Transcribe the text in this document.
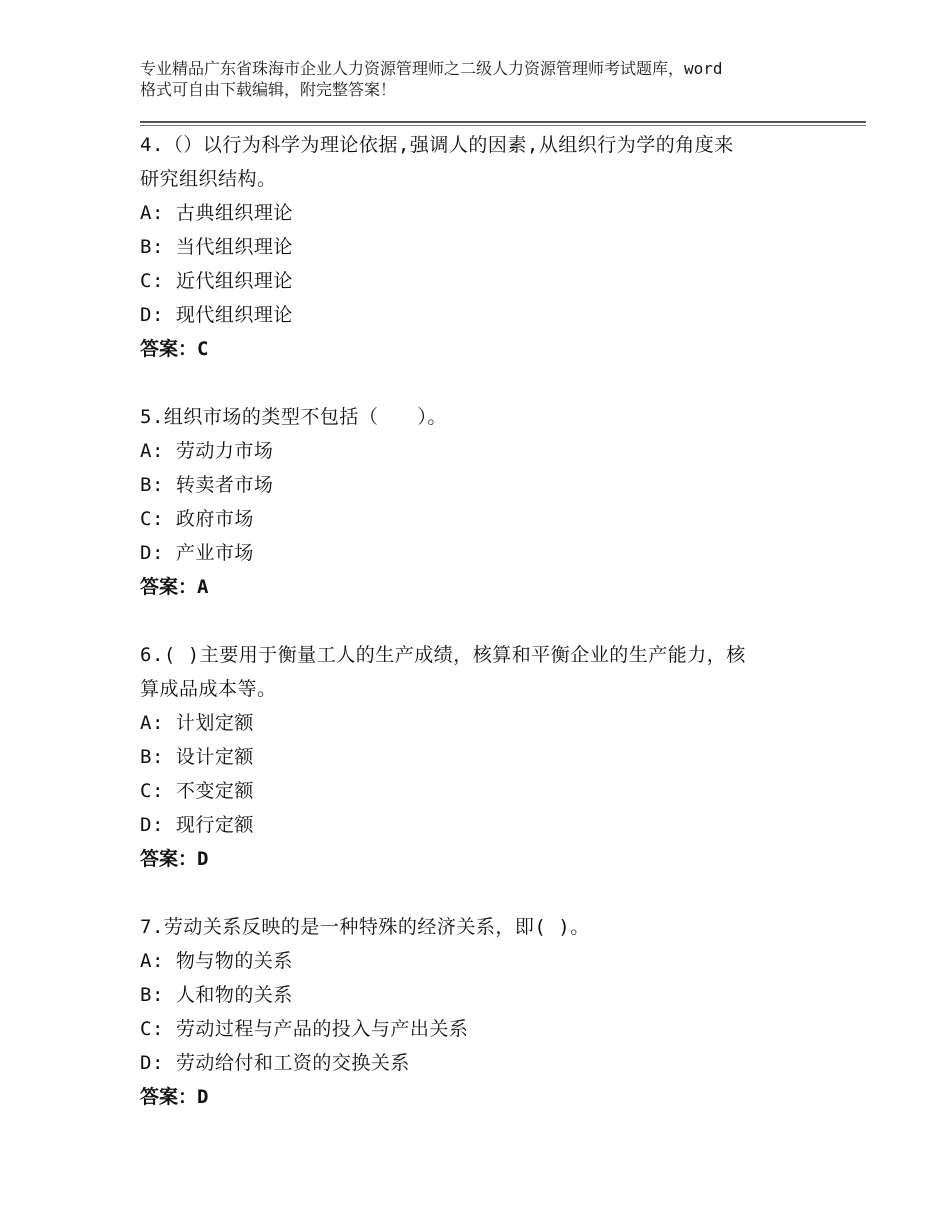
专业精品广东省珠海市企业人力资源管理师之二级人力资源管理师考试题库，word
格式可自由下载编辑，附完整答案！
4.（）以行为科学为理论依据,强调人的因素,从组织行为学的角度来
研究组织结构。
A: 古典组织理论
B: 当代组织理论
C: 近代组织理论
D: 现代组织理论
答案：C
5.组织市场的类型不包括（　　）。
A: 劳动力市场
B: 转卖者市场
C: 政府市场
D: 产业市场
答案：A
6.( )主要用于衡量工人的生产成绩，核算和平衡企业的生产能力，核
算成品成本等。
A: 计划定额
B: 设计定额
C: 不变定额
D: 现行定额
答案：D
7.劳动关系反映的是一种特殊的经济关系，即( )。
A: 物与物的关系
B: 人和物的关系
C: 劳动过程与产品的投入与产出关系
D: 劳动给付和工资的交换关系
答案：D
